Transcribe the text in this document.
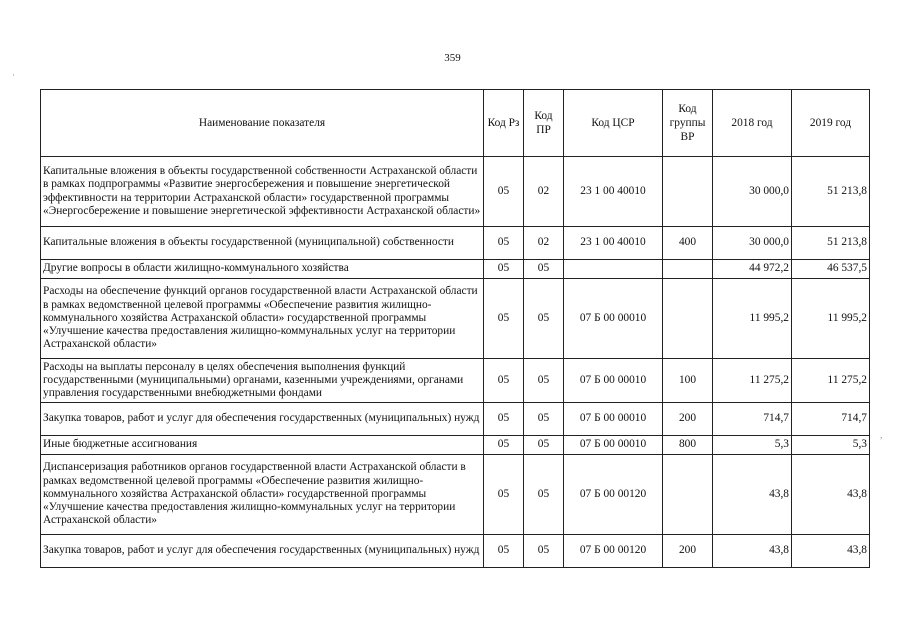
359
·
,
Наименование показателя	Код Рз	Код ПР	Код ЦСР	Код группы ВР	2018 год	2019 год
Капитальные вложения в объекты государственной собственности Астраханской области в рамках подпрограммы «Развитие энергосбережения и повышение энергетической эффективности на территории Астраханской области» государственной программы «Энергосбережение и повышение энергетической эффективности Астраханской области»	05	02	23 1 00 40010		30 000,0	51 213,8
Капитальные вложения в объекты государственной (муниципальной) собственности	05	02	23 1 00 40010	400	30 000,0	51 213,8
Другие вопросы в области жилищно-коммунального хозяйства	05	05			44 972,2	46 537,5
Расходы на обеспечение функций органов государственной власти Астраханской области в рамках ведомственной целевой программы «Обеспечение развития жилищно-коммунального хозяйства Астраханской области» государственной программы «Улучшение качества предоставления жилищно-коммунальных услуг на территории Астраханской области»	05	05	07 Б 00 00010		11 995,2	11 995,2
Расходы на выплаты персоналу в целях обеспечения выполнения функций государственными (муниципальными) органами, казенными учреждениями, органами управления государственными внебюджетными фондами	05	05	07 Б 00 00010	100	11 275,2	11 275,2
Закупка товаров, работ и услуг для обеспечения государственных (муниципальных) нужд	05	05	07 Б 00 00010	200	714,7	714,7
Иные бюджетные ассигнования	05	05	07 Б 00 00010	800	5,3	5,3
Диспансеризация работников органов государственной власти Астраханской области в рамках ведомственной целевой программы «Обеспечение развития жилищно-коммунального хозяйства Астраханской области» государственной программы «Улучшение качества предоставления жилищно-коммунальных услуг на территории Астраханской области»	05	05	07 Б 00 00120		43,8	43,8
Закупка товаров, работ и услуг для обеспечения государственных (муниципальных) нужд	05	05	07 Б 00 00120	200	43,8	43,8
